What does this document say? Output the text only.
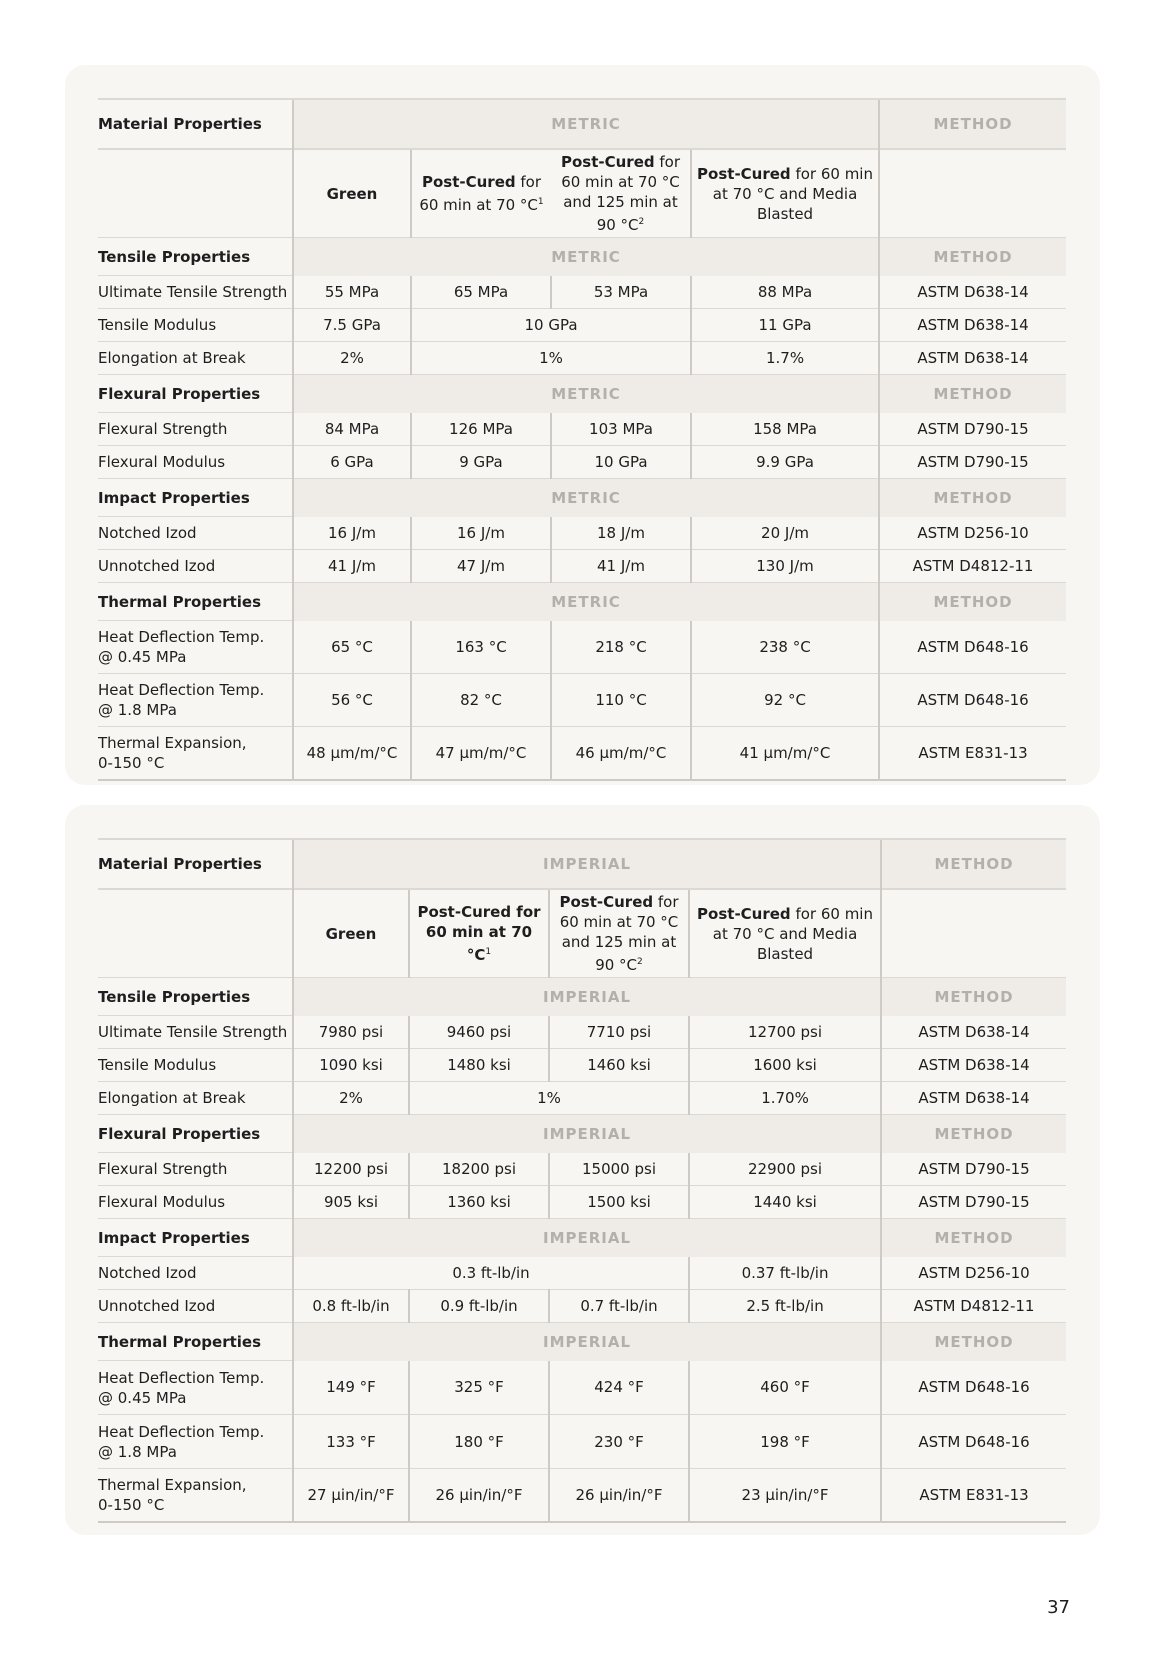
Material Properties	METRIC				METHOD
	Green	Post-Cured for 60 min at 70 $^\circ C^1$	Post-Cured for 60 min at 70 °C and 125 min at 90 $^\circ C^2$	Post-Cured for 60 min at 70 °C and Media Blasted	
Tensile Properties	METRIC				METHOD
Ultimate Tensile Strength	55 MPa	65 MPa	53 MPa	88 MPa	ASTM D638-14
Tensile Modulus	7.5 GPa	10 GPa		11 GPa	ASTM D638-14
Elongation at Break	2%	1%		1.7%	ASTM D638-14
Flexural Properties	METRIC				METHOD
Flexural Strength	84 MPa	126 MPa	103 MPa	158 MPa	ASTM D790-15
Flexural Modulus	6 GPa	9 GPa	10 GPa	9.9 GPa	ASTM D790-15
Impact Properties	METRIC				METHOD
Notched Izod	16 J/m	16 J/m	18 J/m	20 J/m	ASTM D256-10
Unnotched Izod	41 J/m	47 J/m	41 J/m	130 J/m	ASTM D4812-11
Thermal Properties	METRIC				METHOD
Heat Deflection Temp.
@ 0.45 MPa	65 °C	163 °C	218 °C	238 °C	ASTM D648-16
Heat Deflection Temp.
@ 1.8 MPa	56 °C	82 °C	110 °C	92 °C	ASTM D648-16
Thermal Expansion,
0-150 °C	48 μm/m/°C	47 μm/m/°C	46 μm/m/°C	41 μm/m/°C	ASTM E831-13
Material Properties	IMPERIAL				METHOD
	Green	Post-Cured for 60 min at 70 $^\circ C^1$	Post-Cured for 60 min at 70 °C and 125 min at 90 $^\circ C^2$	Post-Cured for 60 min at 70 °C and Media Blasted	
Tensile Properties	IMPERIAL				METHOD
Ultimate Tensile Strength	7980 psi	9460 psi	7710 psi	12700 psi	ASTM D638-14
Tensile Modulus	1090 ksi	1480 ksi	1460 ksi	1600 ksi	ASTM D638-14
Elongation at Break	2%	1%		1.70%	ASTM D638-14
Flexural Properties	IMPERIAL				METHOD
Flexural Strength	12200 psi	18200 psi	15000 psi	22900 psi	ASTM D790-15
Flexural Modulus	905 ksi	1360 ksi	1500 ksi	1440 ksi	ASTM D790-15
Impact Properties	IMPERIAL				METHOD
Notched Izod	0.3 ft-lb/in			0.37 ft-lb/in	ASTM D256-10
Unnotched Izod	0.8 ft-lb/in	0.9 ft-lb/in	0.7 ft-lb/in	2.5 ft-lb/in	ASTM D4812-11
Thermal Properties	IMPERIAL				METHOD
Heat Deflection Temp.
@ 0.45 MPa	149 °F	325 °F	424 °F	460 °F	ASTM D648-16
Heat Deflection Temp.
@ 1.8 MPa	133 °F	180 °F	230 °F	198 °F	ASTM D648-16
Thermal Expansion,
0-150 °C	27 μin/in/°F	26 μin/in/°F	26 μin/in/°F	23 μin/in/°F	ASTM E831-13
37
